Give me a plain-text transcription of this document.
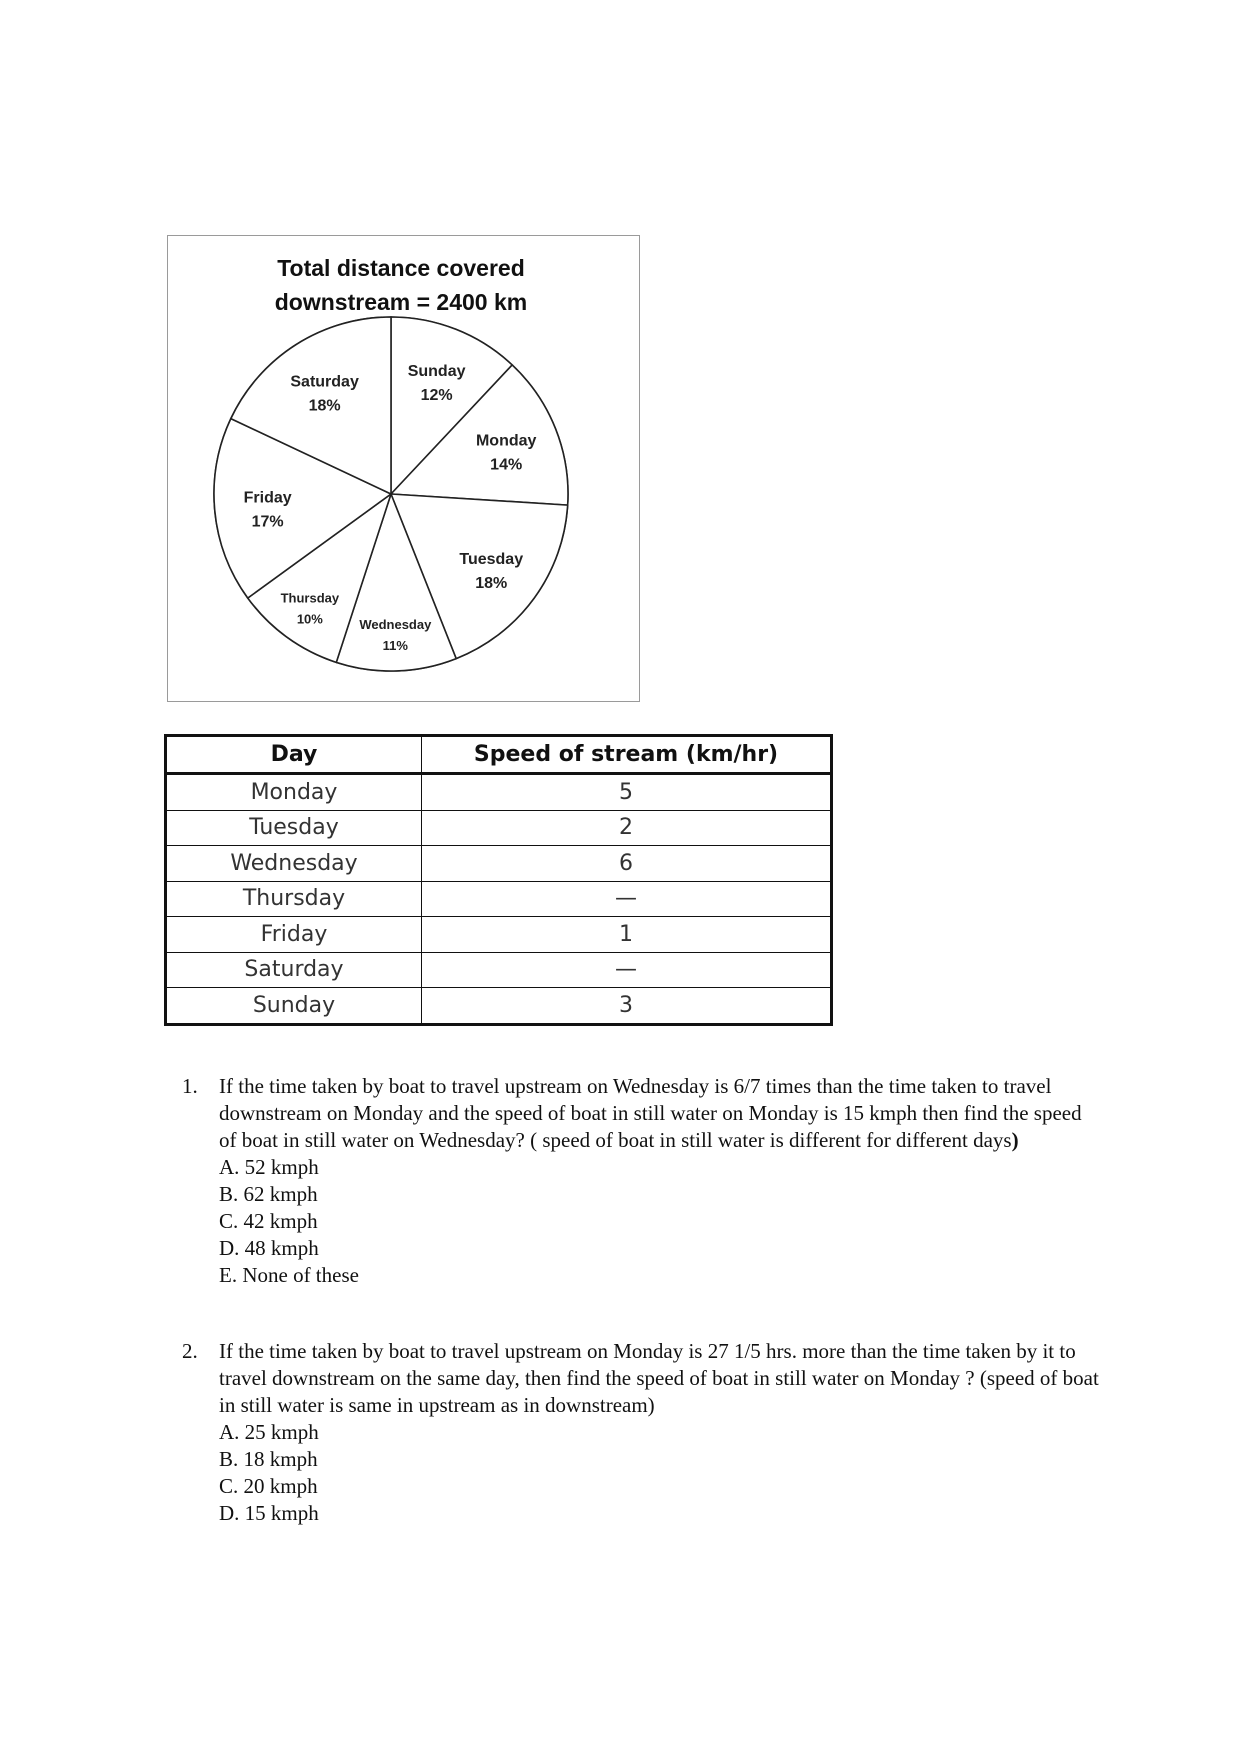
Total distance covered
downstream = 2400 km
Sunday
12%
Monday
14%
Tuesday
18%
Wednesday
11%
Thursday
10%
Friday
17%
Saturday
18%
Day	Speed of stream (km/hr)
Monday	5
Tuesday	2
Wednesday	6
Thursday	—
Friday	1
Saturday	—
Sunday	3
1. If the time taken by boat to travel upstream on Wednesday is 6/7 times than the time taken to travel downstream on Monday and the speed of boat in still water on Monday is 15 kmph then find the speed of boat in still water on Wednesday? ( speed of boat in still water is different for different days)
A. 52 kmph
B. 62 kmph
C. 42 kmph
D. 48 kmph
E. None of these
2. If the time taken by boat to travel upstream on Monday is 27 1/5 hrs. more than the time taken by it to travel downstream on the same day, then find the speed of boat in still water on Monday ? (speed of boat in still water is same in upstream as in downstream)
A. 25 kmph
B. 18 kmph
C. 20 kmph
D. 15 kmph
